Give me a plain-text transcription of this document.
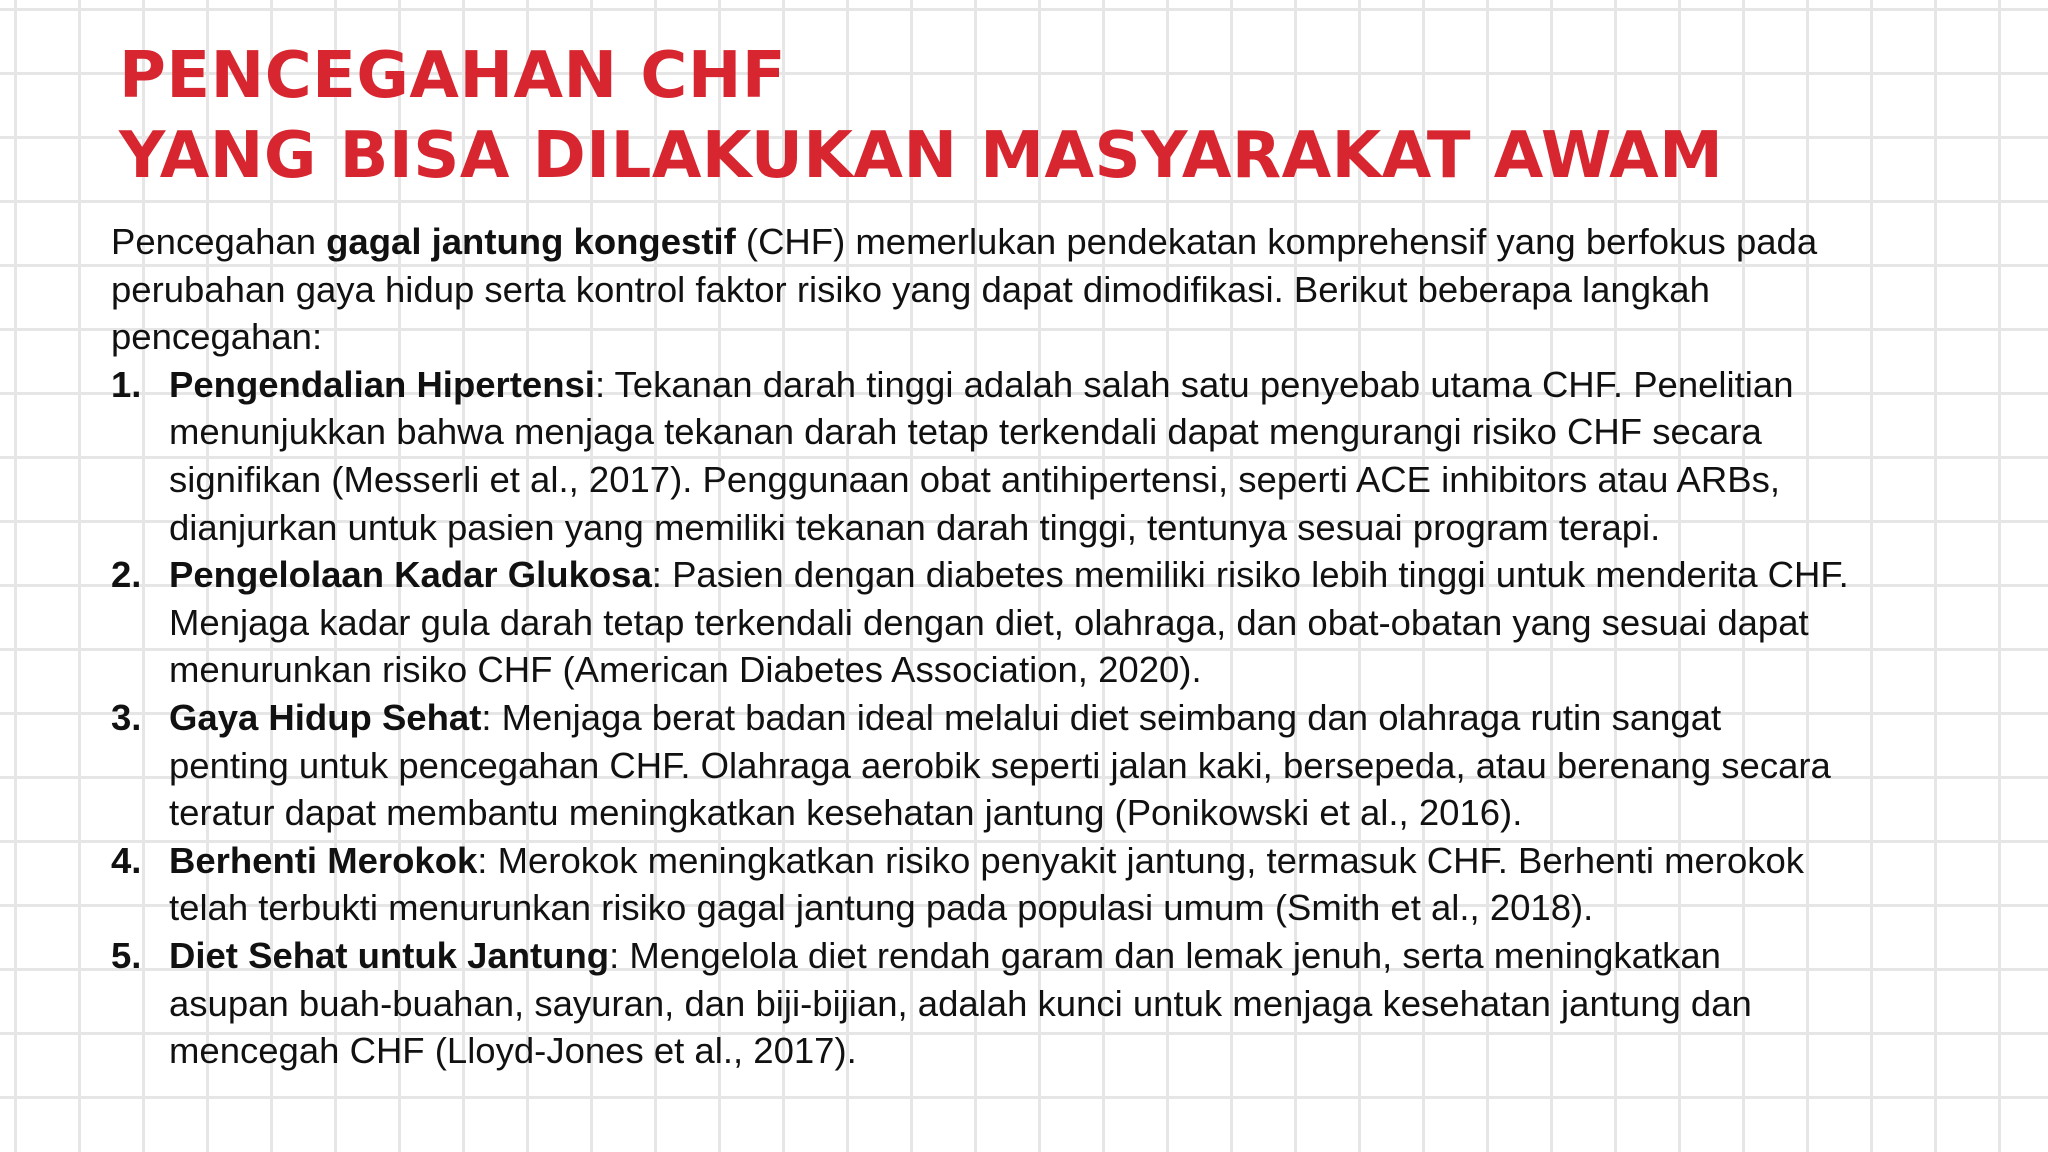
PENCEGAHAN CHF
YANG BISA DILAKUKAN MASYARAKAT AWAM

Pencegahan gagal jantung kongestif (CHF) memerlukan pendekatan komprehensif yang berfokus pada
perubahan gaya hidup serta kontrol faktor risiko yang dapat dimodifikasi. Berikut beberapa langkah
pencegahan:

1. Pengendalian Hipertensi: Tekanan darah tinggi adalah salah satu penyebab utama CHF. Penelitian
menunjukkan bahwa menjaga tekanan darah tetap terkendali dapat mengurangi risiko CHF secara
signifikan (Messerli et al., 2017). Penggunaan obat antihipertensi, seperti ACE inhibitors atau ARBs,
dianjurkan untuk pasien yang memiliki tekanan darah tinggi, tentunya sesuai program terapi.
2. Pengelolaan Kadar Glukosa: Pasien dengan diabetes memiliki risiko lebih tinggi untuk menderita CHF.
Menjaga kadar gula darah tetap terkendali dengan diet, olahraga, dan obat-obatan yang sesuai dapat
menurunkan risiko CHF (American Diabetes Association, 2020).
3. Gaya Hidup Sehat: Menjaga berat badan ideal melalui diet seimbang dan olahraga rutin sangat
penting untuk pencegahan CHF. Olahraga aerobik seperti jalan kaki, bersepeda, atau berenang secara
teratur dapat membantu meningkatkan kesehatan jantung (Ponikowski et al., 2016).
4. Berhenti Merokok: Merokok meningkatkan risiko penyakit jantung, termasuk CHF. Berhenti merokok
telah terbukti menurunkan risiko gagal jantung pada populasi umum (Smith et al., 2018).
5. Diet Sehat untuk Jantung: Mengelola diet rendah garam dan lemak jenuh, serta meningkatkan
asupan buah-buahan, sayuran, dan biji-bijian, adalah kunci untuk menjaga kesehatan jantung dan
mencegah CHF (Lloyd-Jones et al., 2017).
